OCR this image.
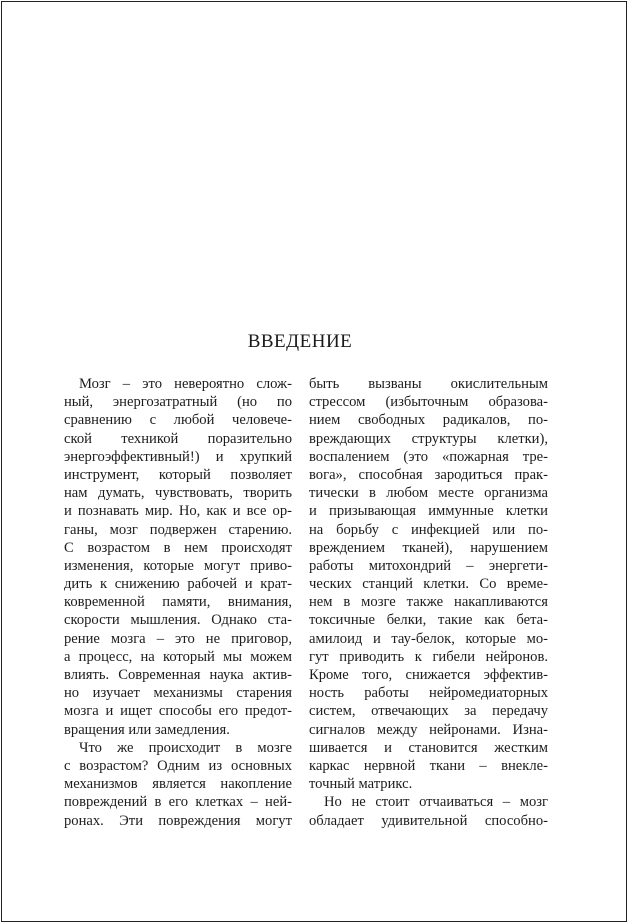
ВВЕДЕНИЕ
Мозг – это невероятно слож-
ный, энергозатратный (но по
сравнению с любой человече-
ской техникой поразительно
энергоэффективный!) и хрупкий
инструмент, который позволяет
нам думать, чувствовать, творить
и познавать мир. Но, как и все ор-
ганы, мозг подвержен старению.
С возрастом в нем происходят
изменения, которые могут приво-
дить к снижению рабочей и крат-
ковременной памяти, внимания,
скорости мышления. Однако ста-
рение мозга – это не приговор,
а процесс, на который мы можем
влиять. Современная наука актив-
но изучает механизмы старения
мозга и ищет способы его предот-
вращения или замедления.
Что же происходит в мозге
с возрастом? Одним из основных
механизмов является накопление
повреждений в его клетках – ней-
ронах. Эти повреждения могут
быть вызваны окислительным
стрессом (избыточным образова-
нием свободных радикалов, по-
вреждающих структуры клетки),
воспалением (это «пожарная тре-
вога», способная зародиться прак-
тически в любом месте организма
и призывающая иммунные клетки
на борьбу с инфекцией или по-
вреждением тканей), нарушением
работы митохондрий – энергети-
ческих станций клетки. Со време-
нем в мозге также накапливаются
токсичные белки, такие как бета-
амилоид и тау-белок, которые мо-
гут приводить к гибели нейронов.
Кроме того, снижается эффектив-
ность работы нейромедиаторных
систем, отвечающих за передачу
сигналов между нейронами. Изна-
шивается и становится жестким
каркас нервной ткани – внекле-
точный матрикс.
Но не стоит отчаиваться – мозг
обладает удивительной способно-
